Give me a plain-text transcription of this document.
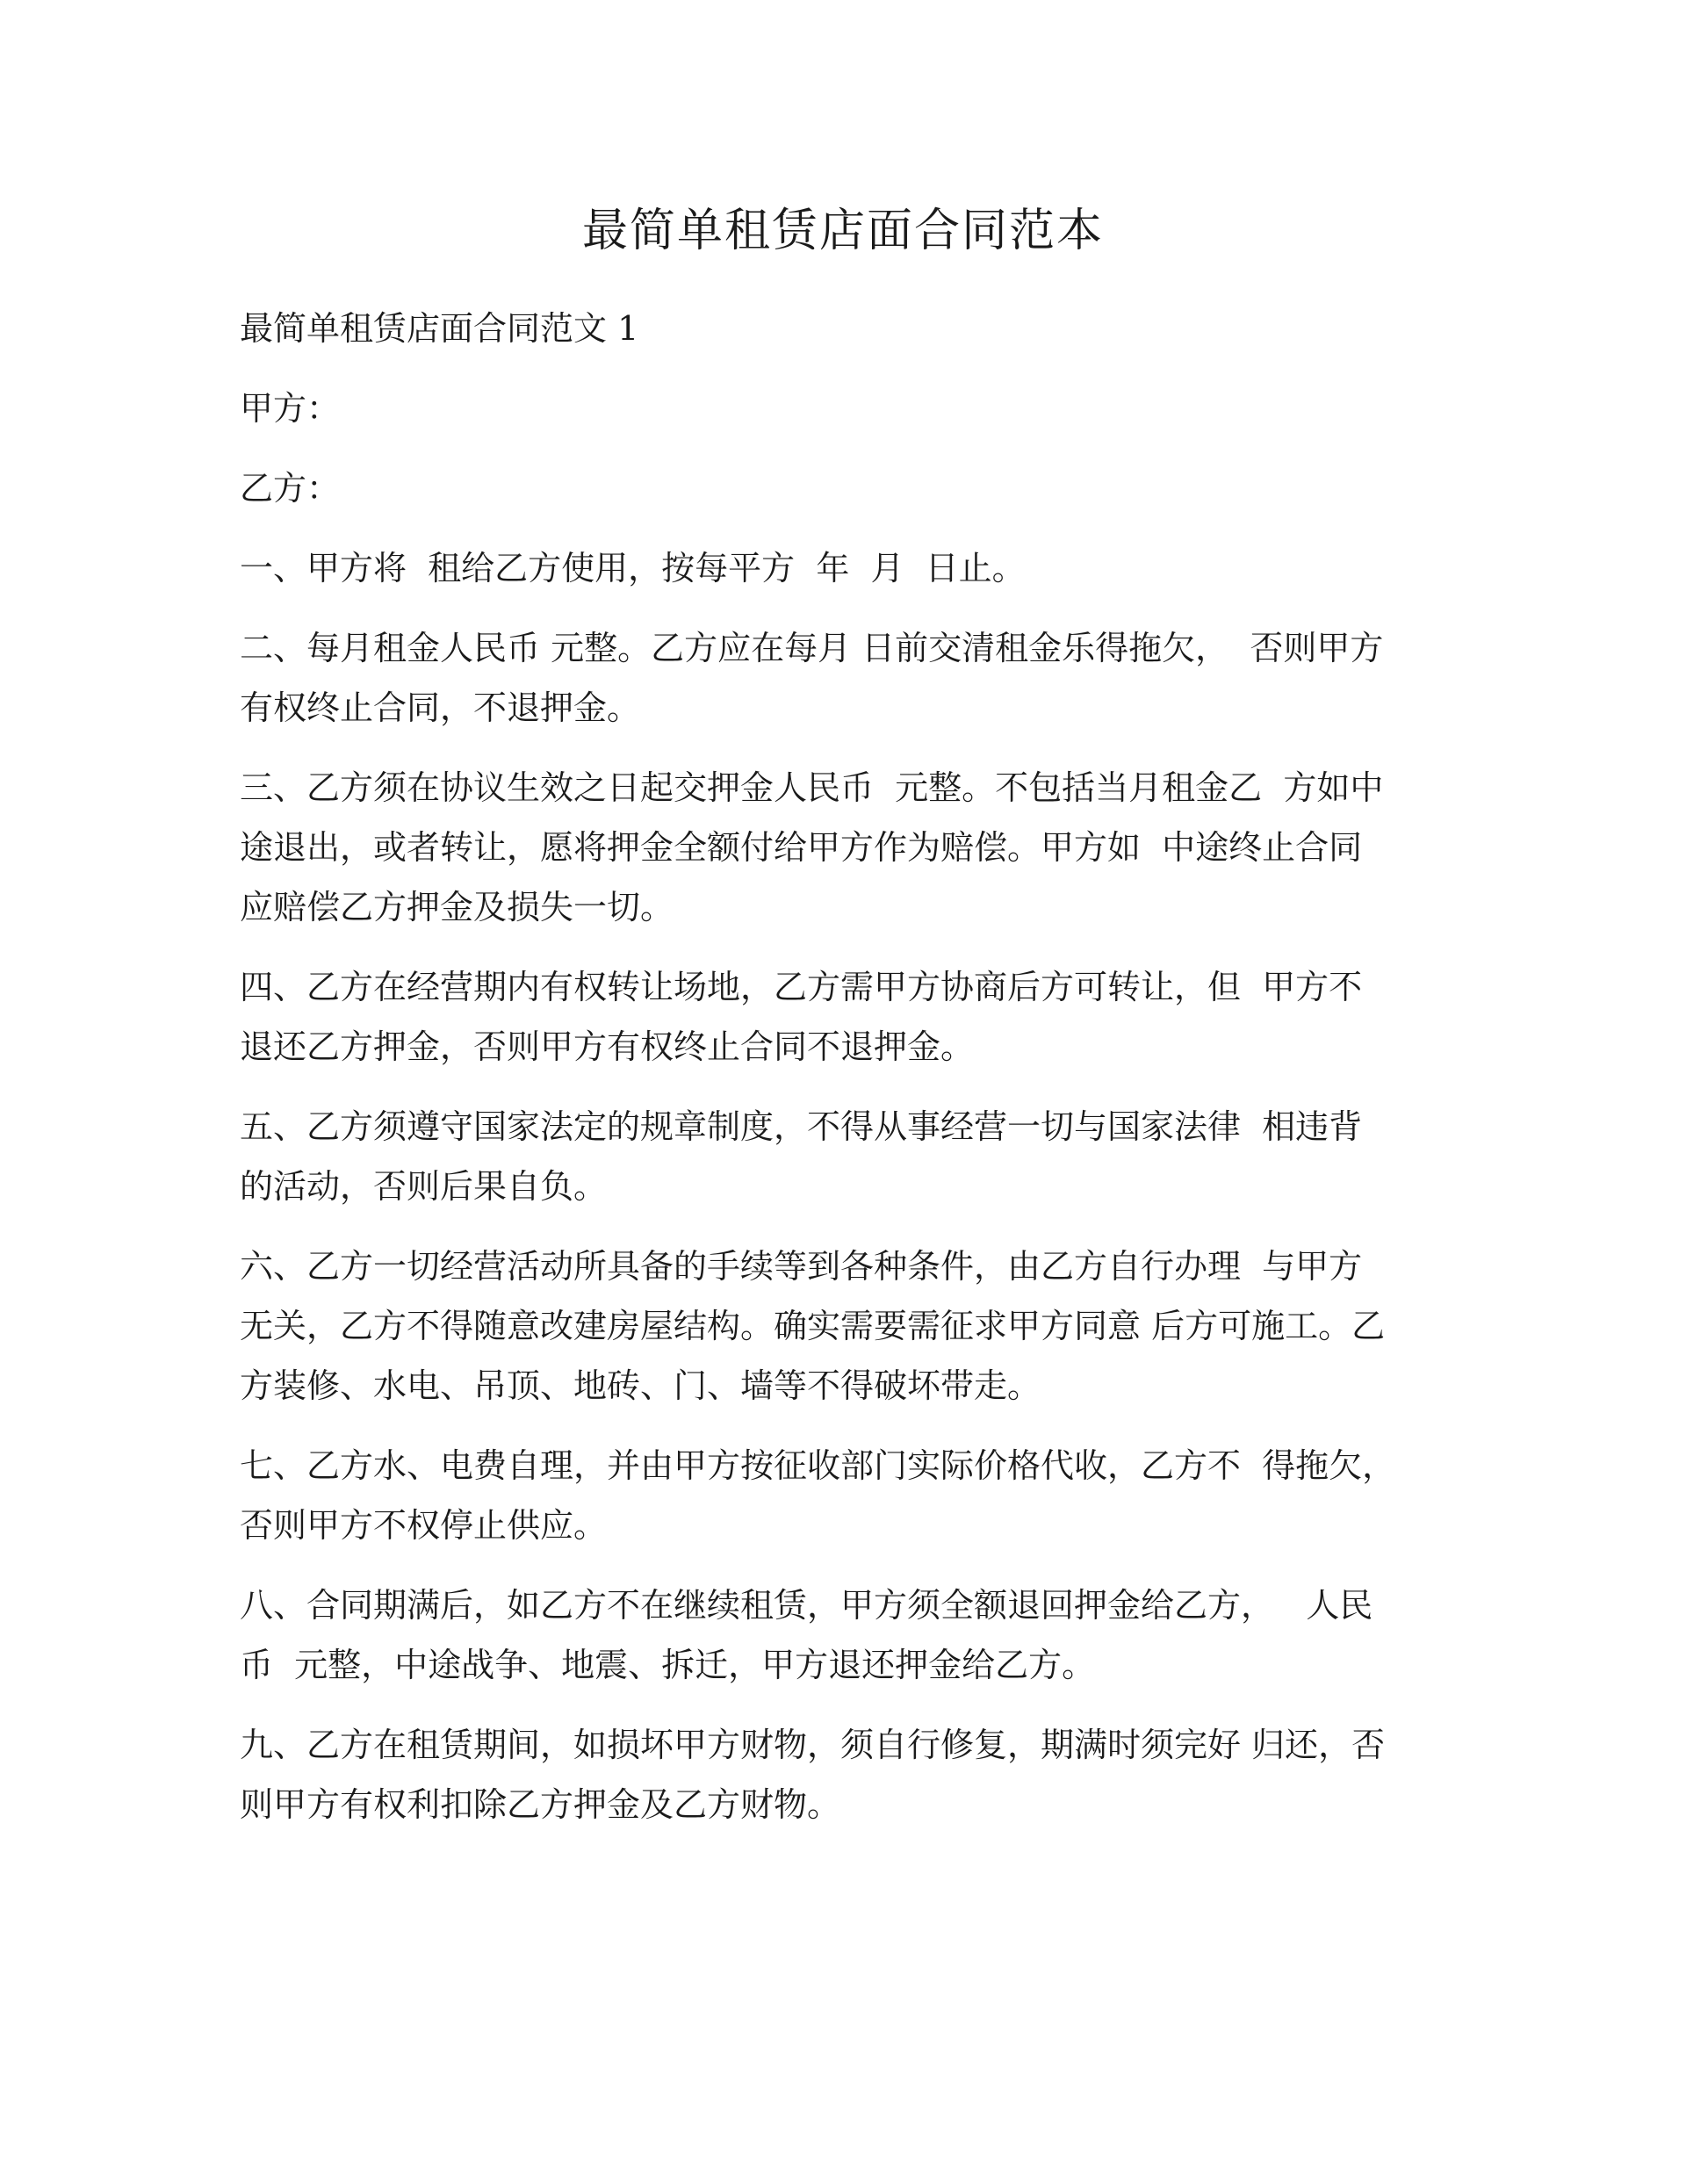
最简单租赁店面合同范本

最简单租赁店面合同范文 1

甲方：

乙方：

一、甲方将  租给乙方使用，按每平方  年  月  日止。

二、每月租金人民币 元整。乙方应在每月 日前交清租金乐得拖欠，  否则甲方

有权终止合同，不退押金。

三、乙方须在协议生效之日起交押金人民币  元整。不包括当月租金乙  方如中

途退出，或者转让，愿将押金全额付给甲方作为赔偿。甲方如  中途终止合同

应赔偿乙方押金及损失一切。

四、乙方在经营期内有权转让场地，乙方需甲方协商后方可转让，但  甲方不

退还乙方押金，否则甲方有权终止合同不退押金。

五、乙方须遵守国家法定的规章制度，不得从事经营一切与国家法律  相违背

的活动，否则后果自负。

六、乙方一切经营活动所具备的手续等到各种条件，由乙方自行办理  与甲方

无关，乙方不得随意改建房屋结构。确实需要需征求甲方同意 后方可施工。乙

方装修、水电、吊顶、地砖、门、墙等不得破坏带走。

七、乙方水、电费自理，并由甲方按征收部门实际价格代收，乙方不  得拖欠，

否则甲方不权停止供应。

八、合同期满后，如乙方不在继续租赁，甲方须全额退回押金给乙方，   人民

币  元整，中途战争、地震、拆迁，甲方退还押金给乙方。

九、乙方在租赁期间，如损坏甲方财物，须自行修复，期满时须完好 归还，否

则甲方有权利扣除乙方押金及乙方财物。
